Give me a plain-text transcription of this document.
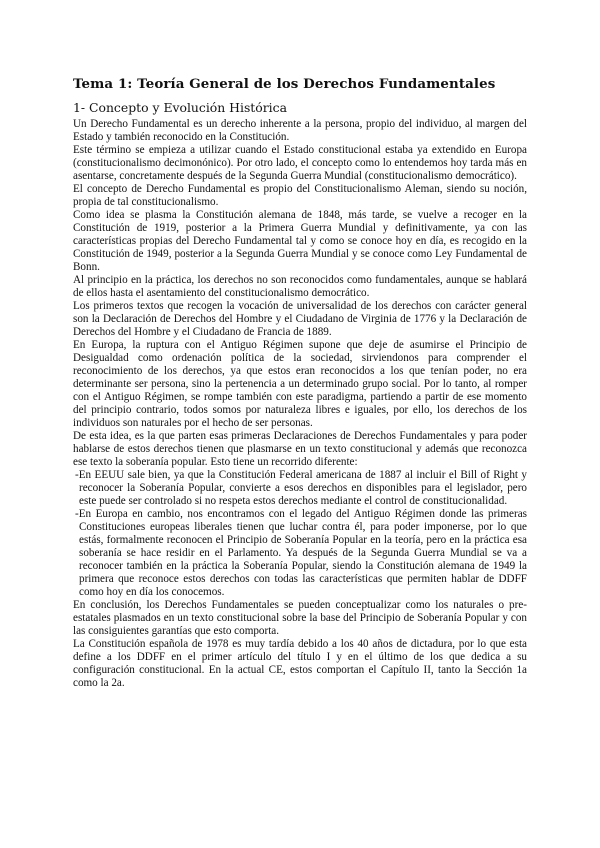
Tema 1: Teoría General de los Derechos Fundamentales
1- Concepto y Evolución Histórica

Un Derecho Fundamental es un derecho inherente a la persona, propio del individuo, al margen del Estado y también reconocido en la Constitución.

Este término se empieza a utilizar cuando el Estado constitucional estaba ya extendido en Europa (constitucionalismo decimonónico). Por otro lado, el concepto como lo entendemos hoy tarda más en asentarse, concretamente después de la Segunda Guerra Mundial (constitucionalismo democrático).

El concepto de Derecho Fundamental es propio del Constitucionalismo Aleman, siendo su noción, propia de tal constitucionalismo.

Como idea se plasma la Constitución alemana de 1848, más tarde, se vuelve a recoger en la Constitución de 1919, posterior a la Primera Guerra Mundial y definitivamente, ya con las características propias del Derecho Fundamental tal y como se conoce hoy en día, es recogido en la Constitución de 1949, posterior a la Segunda Guerra Mundial y se conoce como Ley Fundamental de Bonn.

Al principio en la práctica, los derechos no son reconocidos como fundamentales, aunque se hablará de ellos hasta el asentamiento del constitucionalismo democrático.

Los primeros textos que recogen la vocación de universalidad de los derechos con carácter general son la Declaración de Derechos del Hombre y el Ciudadano de Virginia de 1776 y la Declaración de Derechos del Hombre y el Ciudadano de Francia de 1889.

En Europa, la ruptura con el Antiguo Régimen supone que deje de asumirse el Principio de Desigualdad como ordenación política de la sociedad, sirviendonos para comprender el reconocimiento de los derechos, ya que estos eran reconocidos a los que tenían poder, no era determinante ser persona, sino la pertenencia a un determinado grupo social. Por lo tanto, al romper con el Antiguo Régimen, se rompe también con este paradigma, partiendo a partir de ese momento del principio contrario, todos somos por naturaleza libres e iguales, por ello, los derechos de los individuos son naturales por el hecho de ser personas.

De esta idea, es la que parten esas primeras Declaraciones de Derechos Fundamentales y para poder hablarse de estos derechos tienen que plasmarse en un texto constitucional y además que reconozca ese texto la soberanía popular. Esto tiene un recorrido diferente:

-En EEUU sale bien, ya que la Constitución Federal americana de 1887 al incluir el Bill of Right y reconocer la Soberanía Popular, convierte a esos derechos en disponibles para el legislador, pero este puede ser controlado si no respeta estos derechos mediante el control de constitucionalidad.

-En Europa en cambio, nos encontramos con el legado del Antiguo Régimen donde las primeras Constituciones europeas liberales tienen que luchar contra él, para poder imponerse, por lo que estás, formalmente reconocen el Principio de Soberanía Popular en la teoría, pero en la práctica esa soberanía se hace residir en el Parlamento. Ya después de la Segunda Guerra Mundial se va a reconocer también en la práctica la Soberanía Popular, siendo la Constitución alemana de 1949 la primera que reconoce estos derechos con todas las características que permiten hablar de DDFF como hoy en día los conocemos.

En conclusión, los Derechos Fundamentales se pueden conceptualizar como los naturales o pre-estatales plasmados en un texto constitucional sobre la base del Principio de Soberanía Popular y con las consiguientes garantías que esto comporta.

La Constitución española de 1978 es muy tardía debido a los 40 años de dictadura, por lo que esta define a los DDFF en el primer artículo del título I y en el último de los que dedica a su configuración constitucional. En la actual CE, estos comportan el Capítulo II, tanto la Sección 1a como la 2a.
